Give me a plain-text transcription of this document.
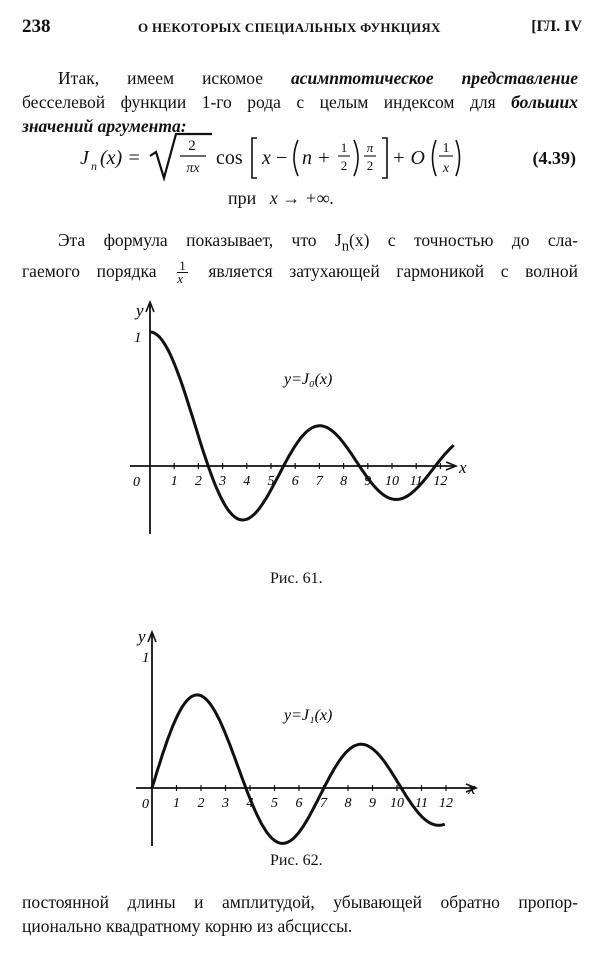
238	О НЕКОТОРЫХ СПЕЦИАЛЬНЫХ ФУНКЦИЯХ	[ГЛ. IV
Итак, имеем искомое асимптотическое представление
бесселевой функции 1-го рода с целым индексом для больших
значений аргумента:
J n (x) =
2
πx cos x − n + 1
2
π
2 + O 1
x
(4.39)
при x → +∞.
Эта формула показывает, что $J_n(x)$ с точностью до сла-
гаемого порядка $\frac{1}{x}$ является затухающей гармоникой с волной
y
x
1
0
y=J₀(x)
1 2 3 4 5 6 7 8 9 10 11 12
Рис. 61.
y
x
1
0
y=J₁(x)
1 2 3 4 5 6 7 8 9 10 11 12
Рис. 62.
постоянной длины и амплитудой, убывающей обратно пропор-
ционально квадратному корню из абсциссы.
